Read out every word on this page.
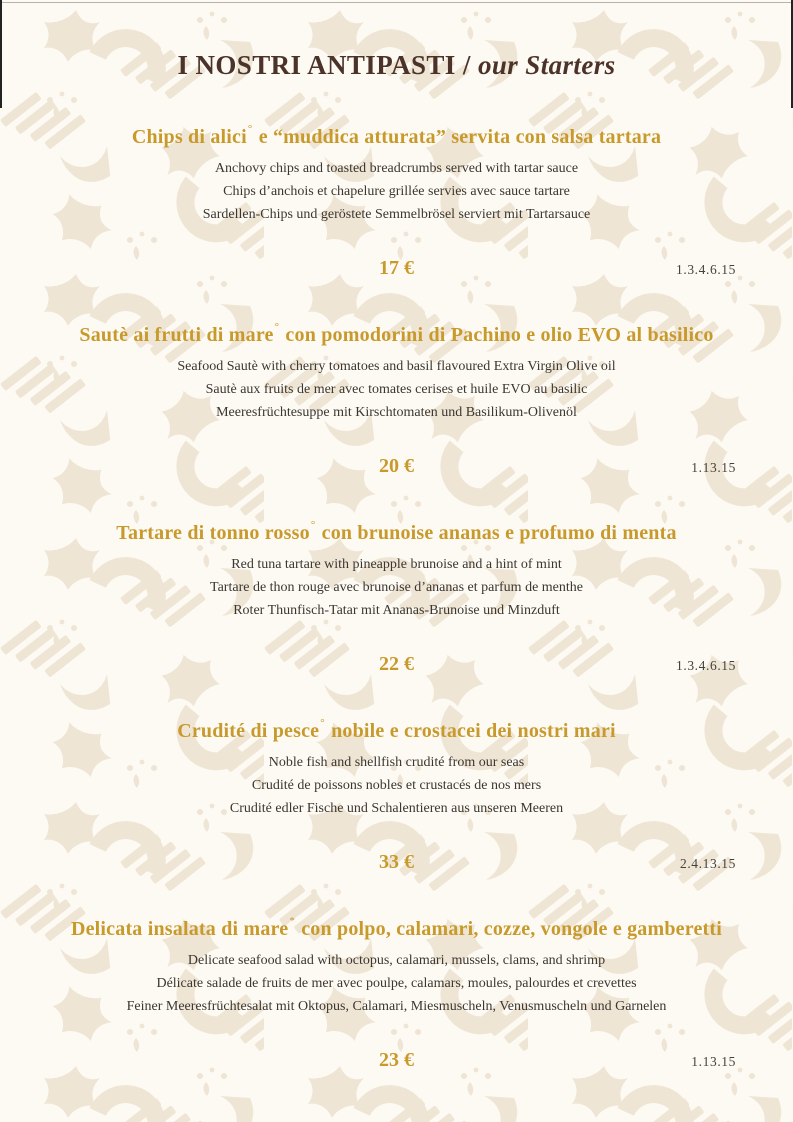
I NOSTRI ANTIPASTI / our Starters
Chips di alici° e “muddica atturata” servita con salsa tartara

Anchovy chips and toasted breadcrumbs served with tartar sauce

Chips d’anchois et chapelure grillée servies avec sauce tartare

Sardellen-Chips und geröstete Semmelbrösel serviert mit Tartarsauce

17 €	1.3.4.6.15
Sautè ai frutti di mare° con pomodorini di Pachino e olio EVO al basilico

Seafood Sautè with cherry tomatoes and basil flavoured Extra Virgin Olive oil

Sautè aux fruits de mer avec tomates cerises et huile EVO au basilic

Meeresfrüchtesuppe mit Kirschtomaten und Basilikum-Olivenöl

20 €	1.13.15
Tartare di tonno rosso° con brunoise ananas e profumo di menta

Red tuna tartare with pineapple brunoise and a hint of mint

Tartare de thon rouge avec brunoise d’ananas et parfum de menthe

Roter Thunfisch-Tatar mit Ananas-Brunoise und Minzduft

22 €	1.3.4.6.15
Crudité di pesce° nobile e crostacei dei nostri mari

Noble fish and shellfish crudité from our seas

Crudité de poissons nobles et crustacés de nos mers

Crudité edler Fische und Schalentieren aus unseren Meeren

33 €	2.4.13.15
Delicata insalata di mare* con polpo, calamari, cozze, vongole e gamberetti

Delicate seafood salad with octopus, calamari, mussels, clams, and shrimp

Délicate salade de fruits de mer avec poulpe, calamars, moules, palourdes et crevettes

Feiner Meeresfrüchtesalat mit Oktopus, Calamari, Miesmuscheln, Venusmuscheln und Garnelen

23 €	1.13.15
